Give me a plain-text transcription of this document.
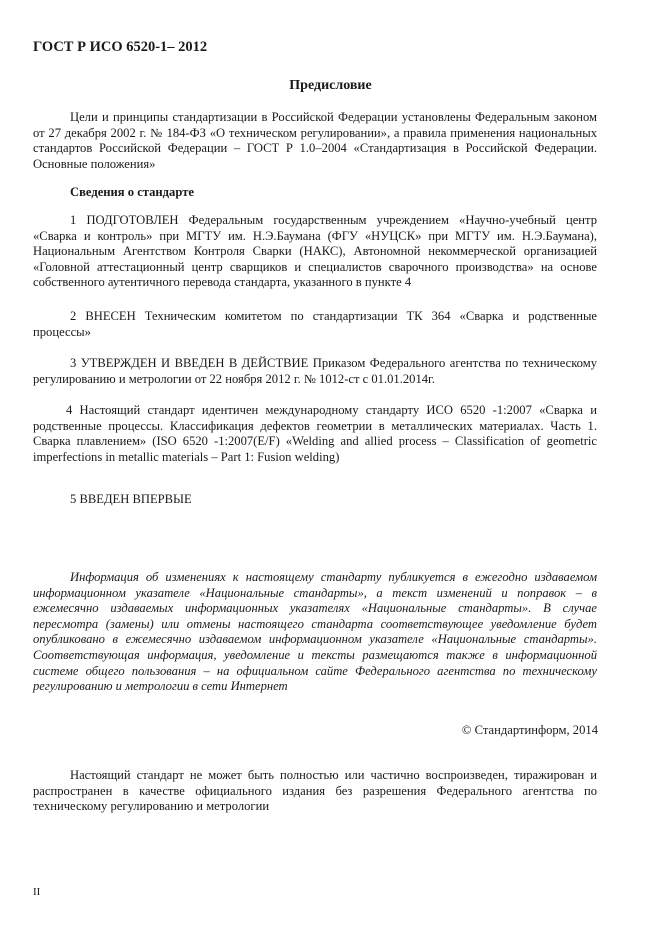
ГОСТ Р ИСО 6520-1– 2012
Предисловие
Цели и принципы стандартизации в Российской Федерации установлены Федеральным законом от 27 декабря 2002 г. № 184-ФЗ «О техническом регулировании», а правила применения национальных стандартов Российской Федерации – ГОСТ Р 1.0–2004 «Стандартизация в Российской Федерации. Основные положения»
Сведения о стандарте
1 ПОДГОТОВЛЕН Федеральным государственным учреждением «Научно-учебный центр «Сварка и контроль» при МГТУ им. Н.Э.Баумана (ФГУ «НУЦСК» при МГТУ им. Н.Э.Баумана), Национальным Агентством Контроля Сварки (НАКС), Автономной некоммерческой организацией «Головной аттестационный центр сварщиков и специалистов сварочного производства» на основе собственного аутентичного перевода стандарта, указанного в пункте 4
2 ВНЕСЕН Техническим комитетом по стандартизации ТК 364 «Сварка и родственные процессы»
3 УТВЕРЖДЕН И ВВЕДЕН В ДЕЙСТВИЕ Приказом Федерального агентства по техническому регулированию и метрологии от 22 ноября 2012 г. № 1012-ст с 01.01.2014г.
4 Настоящий стандарт идентичен международному стандарту ИСО 6520 -1:2007 «Сварка и родственные процессы. Классификация дефектов геометрии в металлических материалах. Часть 1. Сварка плавлением» (ISO 6520 -1:2007(E/F) «Welding and allied process – Classification of geometric imperfections in metallic materials – Part 1: Fusion welding)
5 ВВЕДЕН ВПЕРВЫЕ
Информация об изменениях к настоящему стандарту публикуется в ежегодно издаваемом информационном указателе «Национальные стандарты», а текст изменений и поправок – в ежемесячно издаваемых информационных указателях «Национальные стандарты». В случае пересмотра (замены) или отмены настоящего стандарта соответствующее уведомление будет опубликовано в ежемесячно издаваемом информационном указателе «Национальные стандарты». Соответствующая информация, уведомление и тексты размещаются также в информационной системе общего пользования – на официальном сайте Федерального агентства по техническому регулированию и метрологии в сети Интернет
© Стандартинформ, 2014
Настоящий стандарт не может быть полностью или частично воспроизведен, тиражирован и распространен в качестве официального издания без разрешения Федерального агентства по техническому регулированию и метрологии
II
